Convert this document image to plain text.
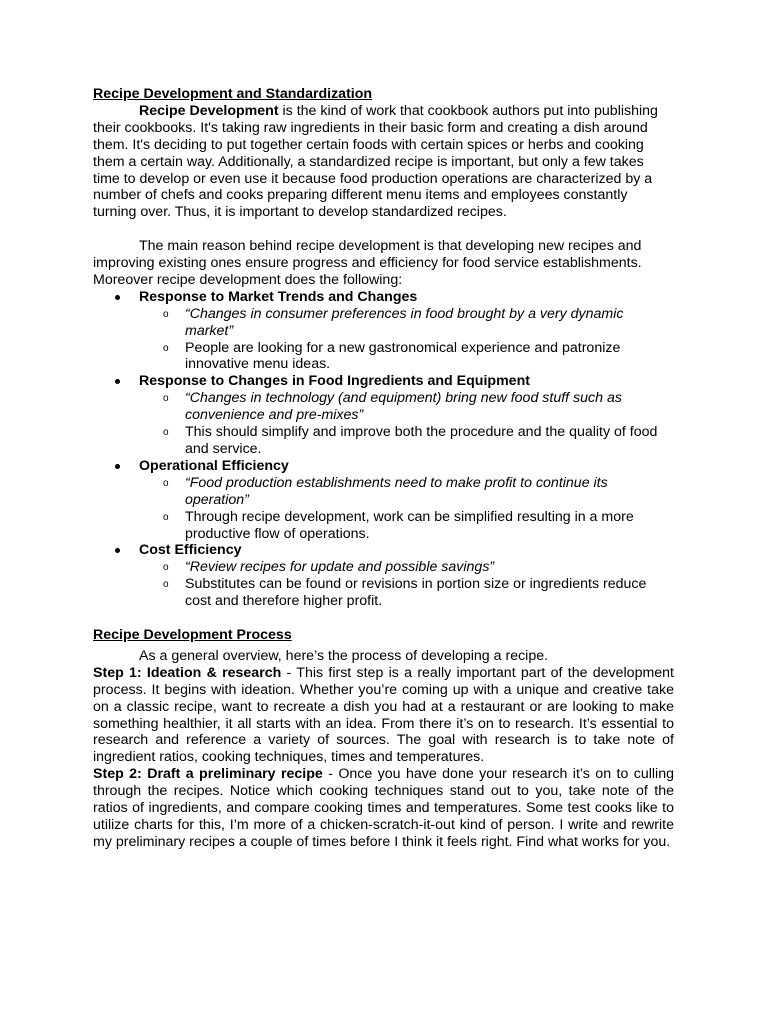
Recipe Development and Standardization

Recipe Development is the kind of work that cookbook authors put into publishing their cookbooks. It's taking raw ingredients in their basic form and creating a dish around them. It's deciding to put together certain foods with certain spices or herbs and cooking them a certain way. Additionally, a standardized recipe is important, but only a few takes time to develop or even use it because food production operations are characterized by a number of chefs and cooks preparing different menu items and employees constantly turning over. Thus, it is important to develop standardized recipes.

The main reason behind recipe development is that developing new recipes and improving existing ones ensure progress and efficiency for food service establishments. Moreover recipe development does the following:

Response to Market Trends and Changes
o “Changes in consumer preferences in food brought by a very dynamic market”
o People are looking for a new gastronomical experience and patronize innovative menu ideas.
Response to Changes in Food Ingredients and Equipment
o “Changes in technology (and equipment) bring new food stuff such as convenience and pre-mixes”
o This should simplify and improve both the procedure and the quality of food and service.
Operational Efficiency
o “Food production establishments need to make profit to continue its operation”
o Through recipe development, work can be simplified resulting in a more productive flow of operations.
Cost Efficiency
o “Review recipes for update and possible savings”
o Substitutes can be found or revisions in portion size or ingredients reduce cost and therefore higher profit.

Recipe Development Process

As a general overview, here’s the process of developing a recipe.

Step 1: Ideation & research - This first step is a really important part of the development process. It begins with ideation. Whether you’re coming up with a unique and creative take on a classic recipe, want to recreate a dish you had at a restaurant or are looking to make something healthier, it all starts with an idea. From there it’s on to research. It’s essential to research and reference a variety of sources. The goal with research is to take note of ingredient ratios, cooking techniques, times and temperatures.

Step 2: Draft a preliminary recipe - Once you have done your research it’s on to culling through the recipes. Notice which cooking techniques stand out to you, take note of the ratios of ingredients, and compare cooking times and temperatures. Some test cooks like to utilize charts for this, I’m more of a chicken-scratch-it-out kind of person. I write and rewrite my preliminary recipes a couple of times before I think it feels right. Find what works for you.
